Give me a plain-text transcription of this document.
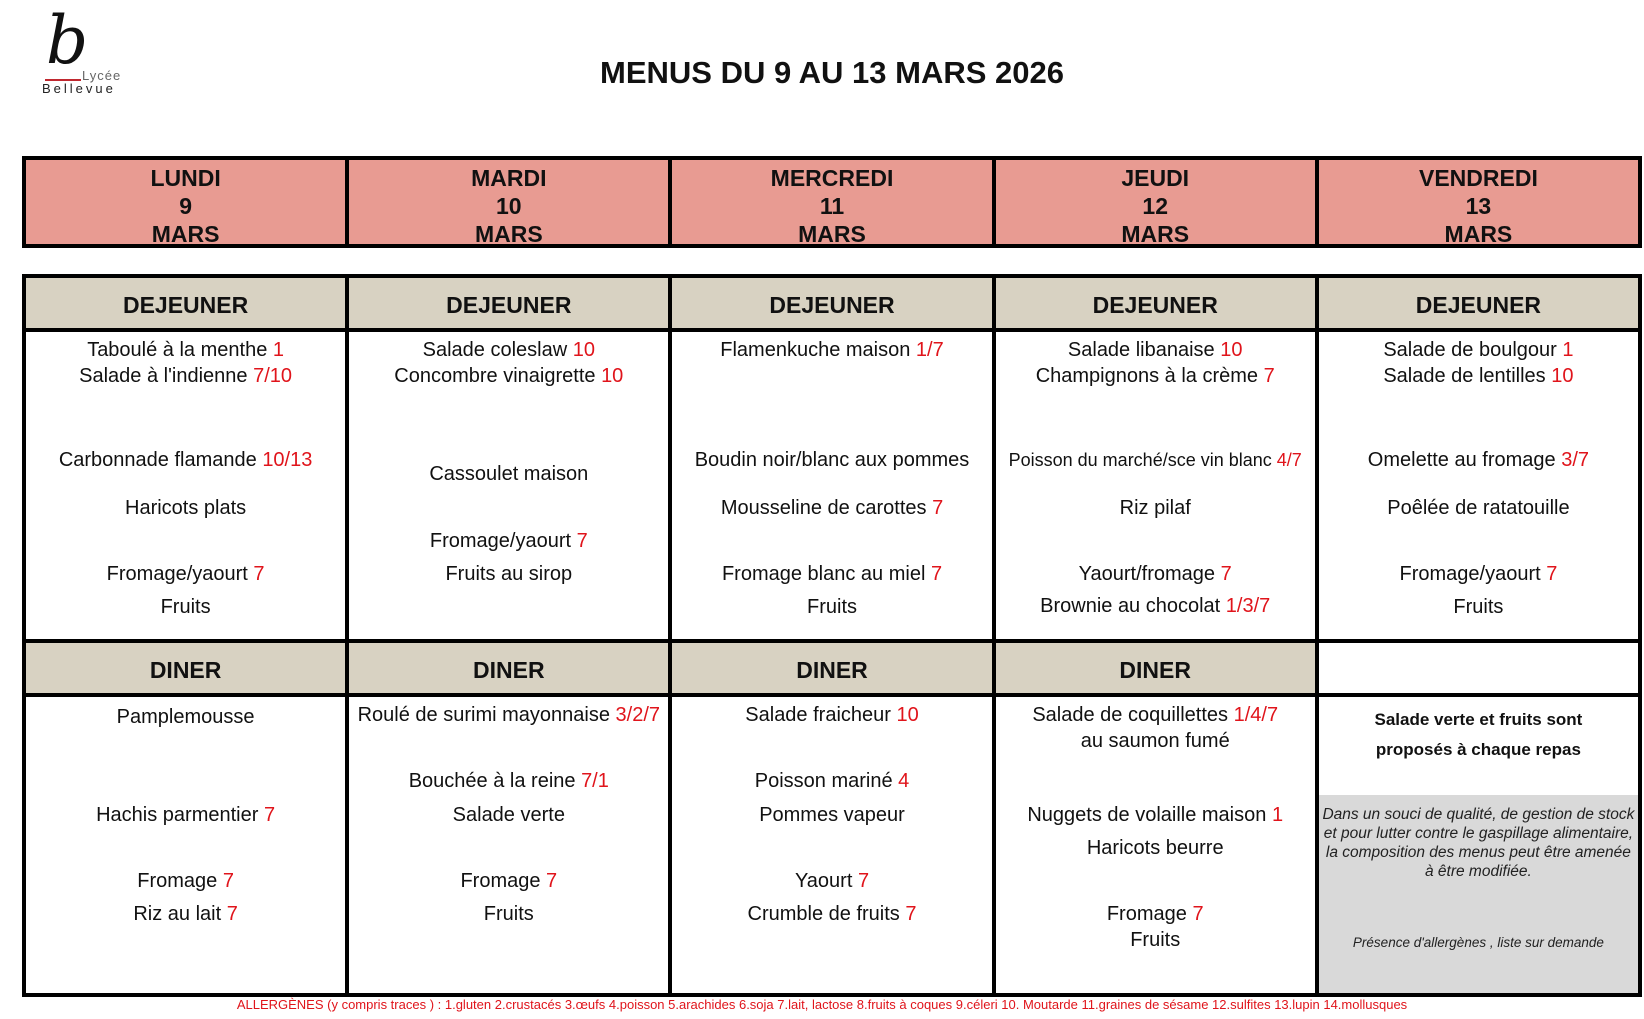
b
Lycée
Bellevue	MENUS DU 9 AU 13 MARS 2026
LUNDI
9
MARS
MARDI
10
MARS
MERCREDI
11
MARS
JEUDI
12
MARS
VENDREDI
13
MARS
DEJEUNER
Taboulé à la menthe 1
Salade à l'indienne 7/10
Carbonnade flamande 10/13
Haricots plats
Fromage/yaourt 7
Fruits
DINER
Pamplemousse
Hachis parmentier 7
Fromage 7
Riz au lait 7
DEJEUNER
Salade coleslaw 10
Concombre vinaigrette 10
Cassoulet maison
Fromage/yaourt 7
Fruits au sirop
DINER
Roulé de surimi mayonnaise 3/2/7
Bouchée à la reine 7/1
Salade verte
Fromage 7
Fruits
DEJEUNER
Flamenkuche maison 1/7
Boudin noir/blanc aux pommes
Mousseline de carottes 7
Fromage blanc au miel 7
Fruits
DINER
Salade fraicheur 10
Poisson mariné 4
Pommes vapeur
Yaourt 7
Crumble de fruits 7
DEJEUNER
Salade libanaise 10
Champignons à la crème 7
Poisson du marché/sce vin blanc 4/7
Riz pilaf
Yaourt/fromage 7
Brownie au chocolat 1/3/7
DINER
Salade de coquillettes 1/4/7
au saumon fumé
Nuggets de volaille maison 1
Haricots beurre
Fromage 7
Fruits
DEJEUNER
Salade de boulgour 1
Salade de lentilles 10
Omelette au fromage 3/7
Poêlée de ratatouille
Fromage/yaourt 7
Fruits
Salade verte et fruits sont
proposés à chaque repas
Dans un souci de qualité, de gestion de stock et pour lutter contre le gaspillage alimentaire, la composition des menus peut être amenée à être modifiée.
Présence d'allergènes , liste sur demande
ALLERGÈNES (y compris traces ) : 1.gluten 2.crustacés 3.œufs 4.poisson 5.arachides 6.soja 7.lait, lactose 8.fruits à coques 9.céleri 10. Moutarde 11.graines de sésame 12.sulfites 13.lupin 14.mollusques
